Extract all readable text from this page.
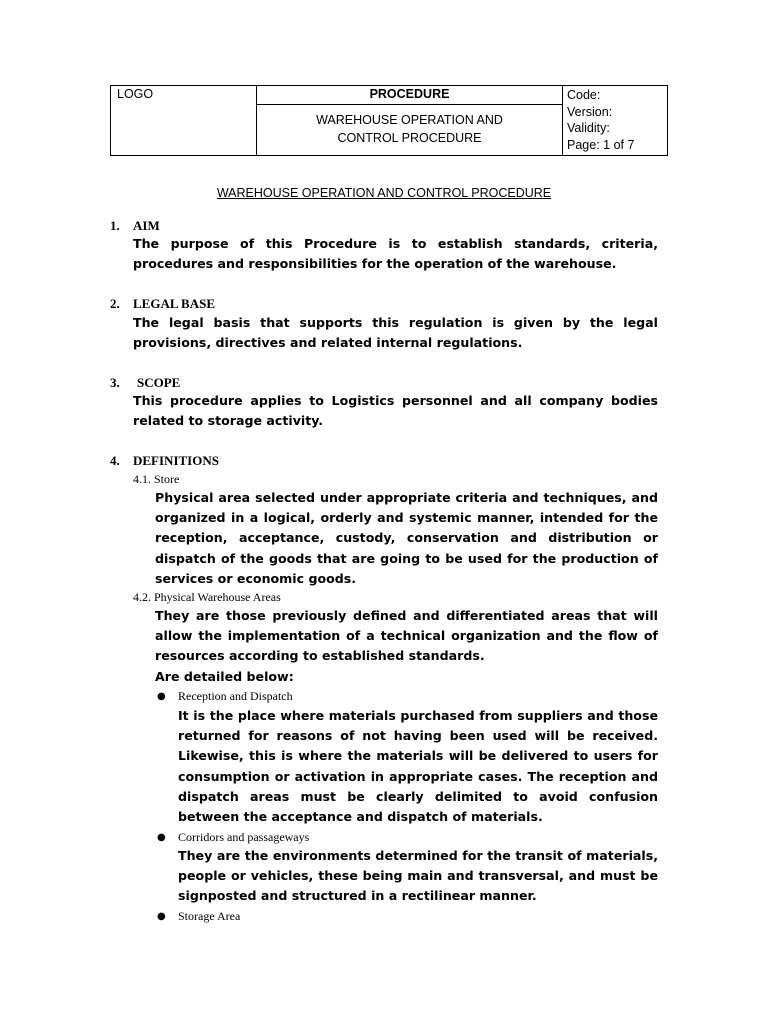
LOGO	PROCEDURE
WAREHOUSE OPERATION AND CONTROL PROCEDURE

Code:
Version:
Validity:
Page: 1 of 7
WAREHOUSE OPERATION AND CONTROL PROCEDURE
1. AIM

The purpose of this Procedure is to establish standards, criteria, procedures and responsibilities for the operation of the warehouse.

2. LEGAL BASE

The legal basis that supports this regulation is given by the legal provisions, directives and related internal regulations.

3. SCOPE

This procedure applies to Logistics personnel and all company bodies related to storage activity.

4. DEFINITIONS
4.1. Store

Physical area selected under appropriate criteria and techniques, and organized in a logical, orderly and systemic manner, intended for the reception, acceptance, custody, conservation and distribution or dispatch of the goods that are going to be used for the production of services or economic goods.

4.2. Physical Warehouse Areas

They are those previously defined and differentiated areas that will allow the implementation of a technical organization and the flow of resources according to established standards.

Are detailed below:

● Reception and Dispatch

It is the place where materials purchased from suppliers and those returned for reasons of not having been used will be received. Likewise, this is where the materials will be delivered to users for consumption or activation in appropriate cases. The reception and dispatch areas must be clearly delimited to avoid confusion between the acceptance and dispatch of materials.

● Corridors and passageways

They are the environments determined for the transit of materials, people or vehicles, these being main and transversal, and must be signposted and structured in a rectilinear manner.

● Storage Area
